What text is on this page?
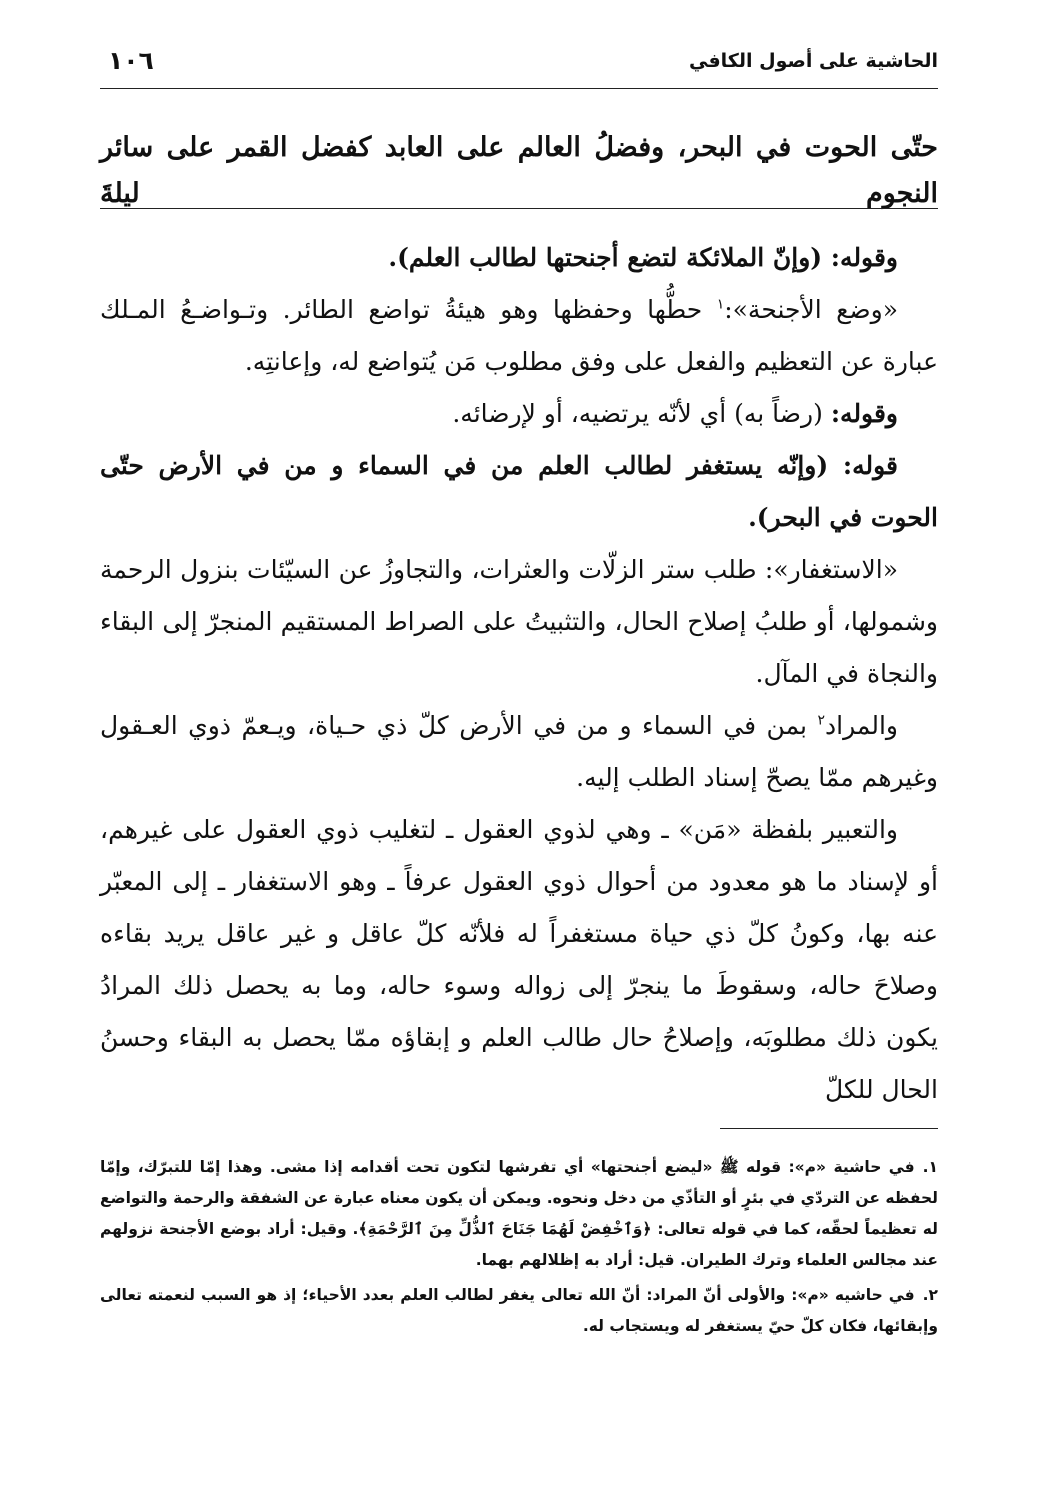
الحاشية على أصول الكافي
١٠٦
حتّى الحوت في البحر، وفضلُ العالم على العابد كفضل القمر على سائر النجوم ليلةَ

وقوله: (وإنّ الملائكة لتضع أجنحتها لطالب العلم).

«وضع الأجنحة»:$^١$ حطُّها وحفظها وهو هيئةُ تواضع الطائر. وتـواضـعُ المـلك عبارة عن التعظيم والفعل على وفق مطلوب مَن يُتواضع له، وإعانتِه.

وقوله: (رضاً به) أي لأنّه يرتضيه، أو لإرضائه.

قوله: (وإنّه يستغفر لطالب العلم من في السماء و من في الأرض حتّى الحوت في البحر).

«الاستغفار»: طلب ستر الزلّات والعثرات، والتجاوزُ عن السيّئات بنزول الرحمة وشمولها، أو طلبُ إصلاح الحال، والتثبيتُ على الصراط المستقيم المنجرّ إلى البقاء والنجاة في المآل.

والمراد$^٢$ بمن في السماء و من في الأرض كلّ ذي حـياة، ويـعمّ ذوي العـقول وغيرهم ممّا يصحّ إسناد الطلب إليه.

والتعبير بلفظة «مَن» ـ وهي لذوي العقول ـ لتغليب ذوي العقول على غيرهم، أو لإسناد ما هو معدود من أحوال ذوي العقول عرفاً ـ وهو الاستغفار ـ إلى المعبّر عنه بها، وكونُ كلّ ذي حياة مستغفراً له فلأنّه كلّ عاقل و غير عاقل يريد بقاءه وصلاحَ حاله، وسقوطَ ما ينجرّ إلى زواله وسوء حاله، وما به يحصل ذلك المرادُ يكون ذلك مطلوبَه، وإصلاحُ حال طالب العلم و إبقاؤه ممّا يحصل به البقاء وحسنُ الحال للكلّ

١.في حاشية «م»: قوله ﷺ «ليضع أجنحتها» أي تفرشها لتكون تحت أقدامه إذا مشى. وهذا إمّا للتبرّك، وإمّا لحفظه عن التردّي في بئرٍ أو التأذّي من دخل ونحوه. ويمكن أن يكون معناه عبارة عن الشفقة والرحمة والتواضع له تعظيماً لحقّه، كما في قوله تعالى: ﴿وَٱخْفِضْ لَهُمَا جَنَاحَ ٱلذُّلِّ مِنَ ٱلرَّحْمَةِ﴾. وقيل: أراد بوضع الأجنحة نزولهم عند مجالس العلماء وترك الطيران. قيل: أراد به إظلالهم بهما.

٢.في حاشيه «م»: والأولى أنّ المراد: أنّ الله تعالى يغفر لطالب العلم بعدد الأحياء؛ إذ هو السبب لنعمته تعالى وإبقائها، فكان كلّ حيّ يستغفر له ويستجاب له.
